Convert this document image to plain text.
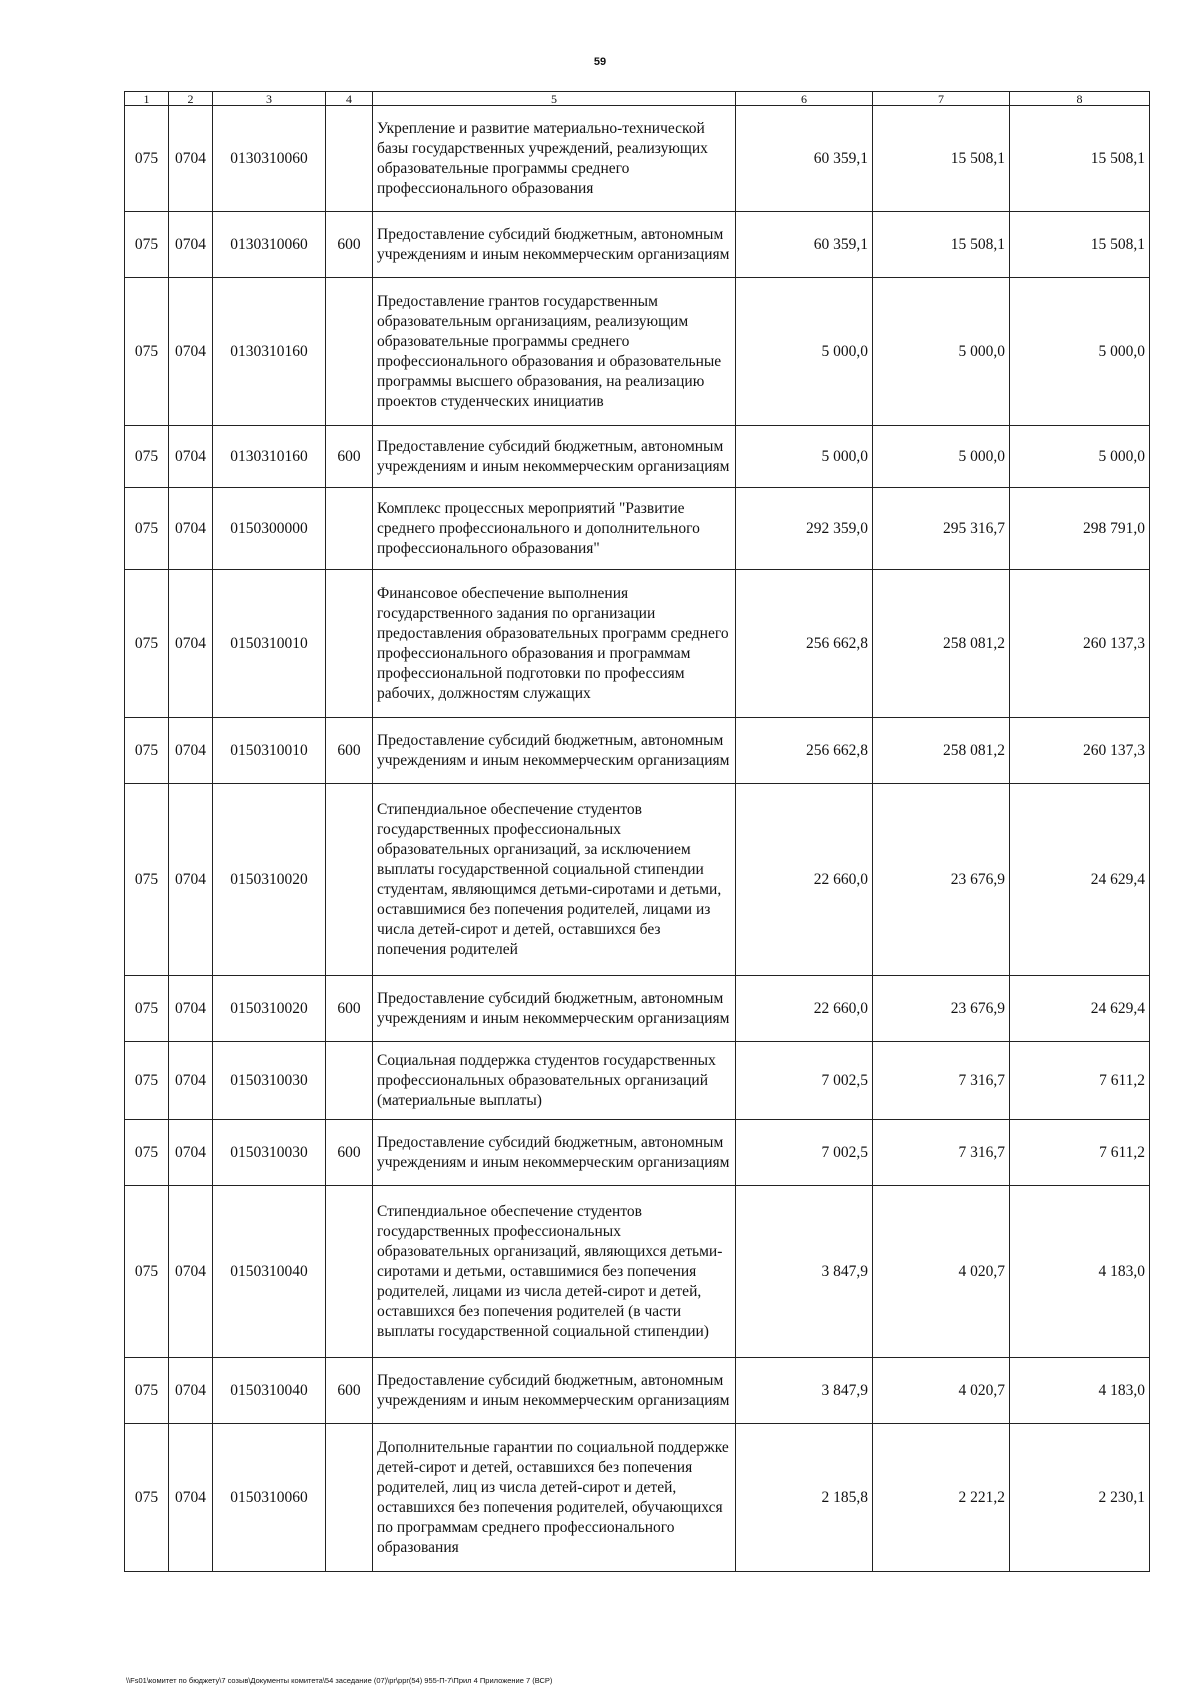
59
1	2	3	4	5	6	7	8
075	0704	0130310060		Укрепление и развитие материально-технической базы государственных учреждений, реализующих образовательные программы среднего профессионального образования	60 359,1	15 508,1	15 508,1
075	0704	0130310060	600	Предоставление субсидий бюджетным, автономным учреждениям и иным некоммерческим организациям	60 359,1	15 508,1	15 508,1
075	0704	0130310160		Предоставление грантов государственным образовательным организациям, реализующим образовательные программы среднего профессионального образования и образовательные программы высшего образования, на реализацию проектов студенческих инициатив	5 000,0	5 000,0	5 000,0
075	0704	0130310160	600	Предоставление субсидий бюджетным, автономным учреждениям и иным некоммерческим организациям	5 000,0	5 000,0	5 000,0
075	0704	0150300000		Комплекс процессных мероприятий "Развитие среднего профессионального и дополнительного профессионального образования"	292 359,0	295 316,7	298 791,0
075	0704	0150310010		Финансовое обеспечение выполнения государственного задания по организации предоставления образовательных программ среднего профессионального образования и программам профессиональной подготовки по профессиям рабочих, должностям служащих	256 662,8	258 081,2	260 137,3
075	0704	0150310010	600	Предоставление субсидий бюджетным, автономным учреждениям и иным некоммерческим организациям	256 662,8	258 081,2	260 137,3
075	0704	0150310020		Стипендиальное обеспечение студентов государственных профессиональных образовательных организаций, за исключением выплаты государственной социальной стипендии студентам, являющимся детьми-сиротами и детьми, оставшимися без попечения родителей, лицами из числа детей-сирот и детей, оставшихся без попечения родителей	22 660,0	23 676,9	24 629,4
075	0704	0150310020	600	Предоставление субсидий бюджетным, автономным учреждениям и иным некоммерческим организациям	22 660,0	23 676,9	24 629,4
075	0704	0150310030		Социальная поддержка студентов государственных профессиональных образовательных организаций (материальные выплаты)	7 002,5	7 316,7	7 611,2
075	0704	0150310030	600	Предоставление субсидий бюджетным, автономным учреждениям и иным некоммерческим организациям	7 002,5	7 316,7	7 611,2
075	0704	0150310040		Стипендиальное обеспечение студентов государственных профессиональных образовательных организаций, являющихся детьми-сиротами и детьми, оставшимися без попечения родителей, лицами из числа детей-сирот и детей, оставшихся без попечения родителей (в части выплаты государственной социальной стипендии)	3 847,9	4 020,7	4 183,0
075	0704	0150310040	600	Предоставление субсидий бюджетным, автономным учреждениям и иным некоммерческим организациям	3 847,9	4 020,7	4 183,0
075	0704	0150310060		Дополнительные гарантии по социальной поддержке детей-сирот и детей, оставшихся без попечения родителей, лиц из числа детей-сирот и детей, оставшихся без попечения родителей, обучающихся по программам среднего профессионального образования	2 185,8	2 221,2	2 230,1
\\Fs01\комитет по бюджету\7 созыв\Документы комитета\54 заседание (07)\pr\ppr(54) 955-П-7\Прил 4 Приложение 7 (ВСР)
